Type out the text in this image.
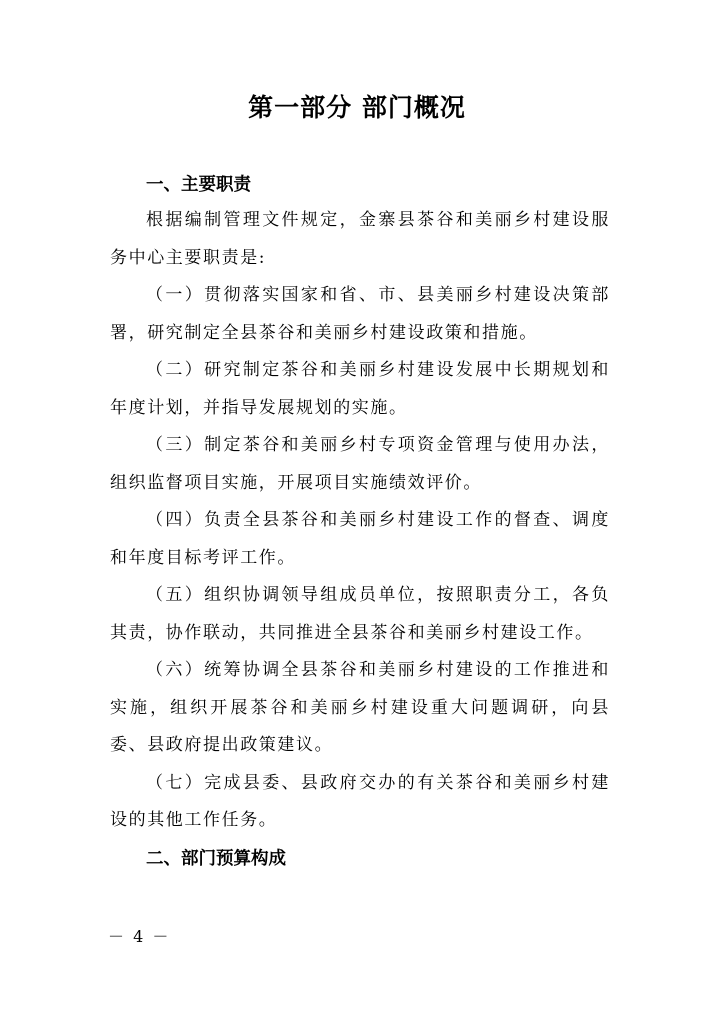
第一部分 部门概况
一、主要职责

根据编制管理文件规定，金寨县茶谷和美丽乡村建设服务中心主要职责是:

（一）贯彻落实国家和省、市、县美丽乡村建设决策部署，研究制定全县茶谷和美丽乡村建设政策和措施。

（二）研究制定茶谷和美丽乡村建设发展中长期规划和年度计划，并指导发展规划的实施。

（三）制定茶谷和美丽乡村专项资金管理与使用办法，组织监督项目实施，开展项目实施绩效评价。

（四）负责全县茶谷和美丽乡村建设工作的督查、调度和年度目标考评工作。

（五）组织协调领导组成员单位，按照职责分工，各负其责，协作联动，共同推进全县茶谷和美丽乡村建设工作。

（六）统筹协调全县茶谷和美丽乡村建设的工作推进和实施，组织开展茶谷和美丽乡村建设重大问题调研，向县委、县政府提出政策建议。

（七）完成县委、县政府交办的有关茶谷和美丽乡村建设的其他工作任务。

二、部门预算构成
－ 4 －
